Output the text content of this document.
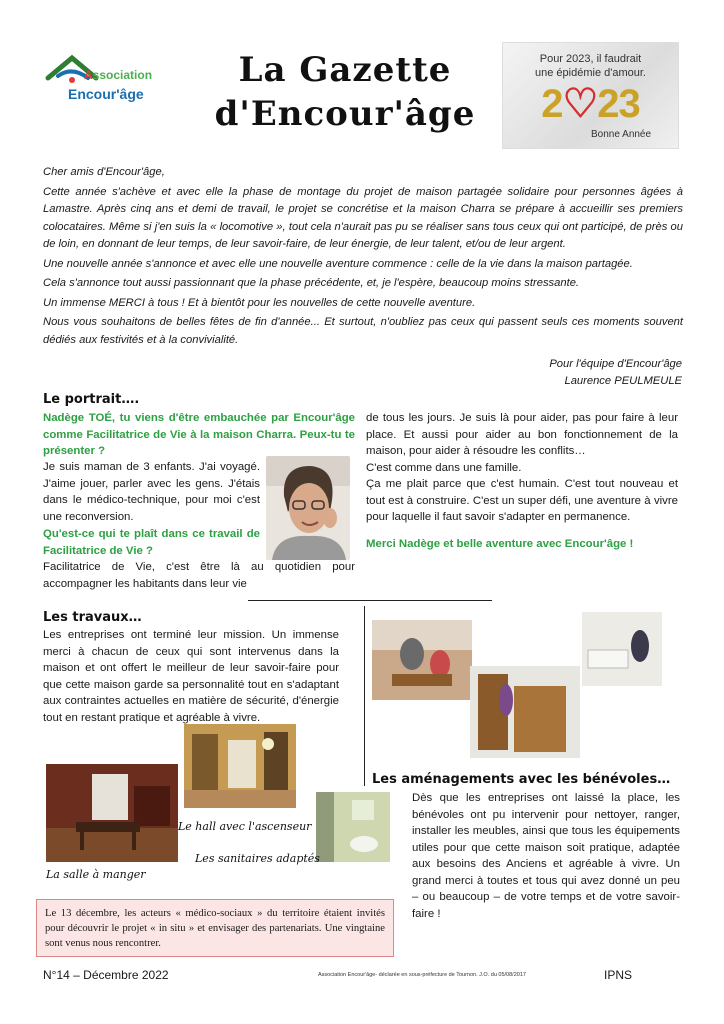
Association
Encour'âge
La Gazette
d'Encour'âge
Pour 2023, il faudrait
une épidémie d'amour.
2♡23
Bonne Année

Cher amis d'Encour'âge,

Cette année s'achève et avec elle la phase de montage du projet de maison partagée solidaire pour personnes âgées à Lamastre. Après cinq ans et demi de travail, le projet se concrétise et la maison Charra se prépare à accueillir ses premiers colocataires. Même si j'en suis la « locomotive », tout cela n'aurait pas pu se réaliser sans tous ceux qui ont participé, de près ou de loin, en donnant de leur temps, de leur savoir-faire, de leur énergie, de leur talent, et/ou de leur argent.

Une nouvelle année s'annonce et avec elle une nouvelle aventure commence : celle de la vie dans la maison partagée.

Cela s'annonce tout aussi passionnant que la phase précédente, et, je l'espère, beaucoup moins stressante.

Un immense MERCI à tous ! Et à bientôt pour les nouvelles de cette nouvelle aventure.

Nous vous souhaitons de belles fêtes de fin d'année... Et surtout, n'oubliez pas ceux qui passent seuls ces moments souvent dédiés aux festivités et à la convivialité.

Pour l'équipe d'Encour'âge
Laurence PEULMEULE
Le portrait….

Nadège TOÉ, tu viens d'être embauchée par Encour'âge comme Facilitatrice de Vie à la maison Charra. Peux-tu te présenter ?

Je suis maman de 3 enfants. J'ai voyagé. J'aime jouer, parler avec les gens. J'étais dans le médico-technique, pour moi c'est une reconversion.

Qu'est-ce qui te plaît dans ce travail de Facilitatrice de Vie ?

Facilitatrice de Vie, c'est être là au quotidien pour accompagner les habitants dans leur vie

de tous les jours. Je suis là pour aider, pas pour faire à leur place. Et aussi pour aider au bon fonctionnement de la maison, pour aider à résoudre les conflits…

C'est comme dans une famille.

Ça me plait parce que c'est humain. C'est tout nouveau et tout est à construire. C'est un super défi, une aventure à vivre pour laquelle il faut savoir s'adapter en permanence.

Merci Nadège et belle aventure avec Encour'âge !

Les travaux…

Les entreprises ont terminé leur mission. Un immense merci à chacun de ceux qui sont intervenus dans la maison et ont offert le meilleur de leur savoir-faire pour que cette maison garde sa personnalité tout en s'adaptant aux contraintes actuelles en matière de sécurité, d'énergie tout en restant pratique et agréable à vivre.

Le hall avec l'ascenseur
Les sanitaires adaptés
La salle à manger
Les aménagements avec les bénévoles…

Dès que les entreprises ont laissé la place, les bénévoles ont pu intervenir pour nettoyer, ranger, installer les meubles, ainsi que tous les équipements utiles pour que cette maison soit pratique, adaptée aux besoins des Anciens et agréable à vivre. Un grand merci à toutes et tous qui avez donné un peu – ou beaucoup – de votre temps et de votre savoir-faire !

Le 13 décembre, les acteurs « médico-sociaux » du territoire étaient invités pour découvrir le projet « in situ » et envisager des partenariats. Une vingtaine sont venus nous rencontrer.
N°14 – Décembre 2022	Association Encour'âge- déclarée en sous-préfecture de Tournon. J.O. du 05/08/2017	IPNS
